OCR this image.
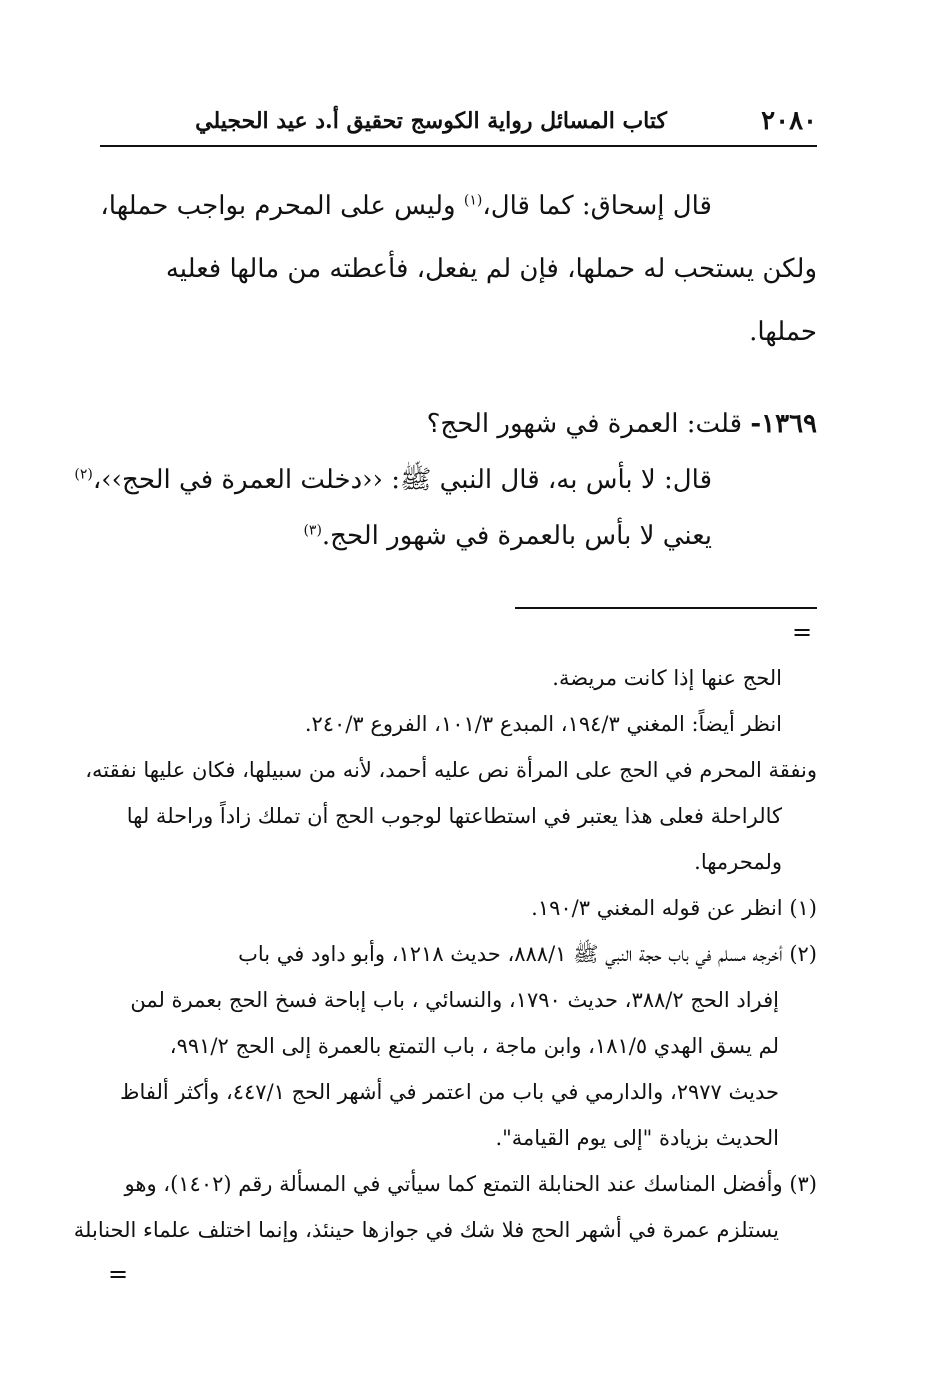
٢٠٨٠
كتاب المسائل رواية الكوسج تحقيق أ.د عيد الحجيلي
قال إسحاق: كما قال،$^{(١)}$ وليس على المحرم بواجب حملها،
ولكن يستحب له حملها، فإن لم يفعل، فأعطته من مالها فعليه
حملها.
١٣٦٩- قلت: العمرة في شهور الحج؟
قال: لا بأس به، قال النبي ﷺ: ‹‹دخلت العمرة في الحج››،$^{(٢)}$
يعني لا بأس بالعمرة في شهور الحج.$^{(٣)}$
=
الحج عنها إذا كانت مريضة.
انظر أيضاً: المغني ١٩٤/٣، المبدع ١٠١/٣، الفروع ٢٤٠/٣.
ونفقة المحرم في الحج على المرأة نص عليه أحمد، لأنه من سبيلها، فكان عليها نفقته،
كالراحلة فعلى هذا يعتبر في استطاعتها لوجوب الحج أن تملك زاداً وراحلة لها
ولمحرمها.
(١) انظر عن قوله المغني ١٩٠/٣.
(٢) أخرجه مسلم في باب حجة النبي ﷺ ٨٨٨/١، حديث ١٢١٨، وأبو داود في باب
إفراد الحج ٣٨٨/٢، حديث ١٧٩٠، والنسائي ، باب إباحة فسخ الحج بعمرة لمن
لم يسق الهدي ١٨١/٥، وابن ماجة ، باب التمتع بالعمرة إلى الحج ٩٩١/٢،
حديث ٢٩٧٧، والدارمي في باب من اعتمر في أشهر الحج ٤٤٧/١، وأكثر ألفاظ
الحديث بزيادة "إلى يوم القيامة".
(٣) وأفضل المناسك عند الحنابلة التمتع كما سيأتي في المسألة رقم (١٤٠٢)، وهو
يستلزم عمرة في أشهر الحج فلا شك في جوازها حينئذ، وإنما اختلف علماء الحنابلة
=
